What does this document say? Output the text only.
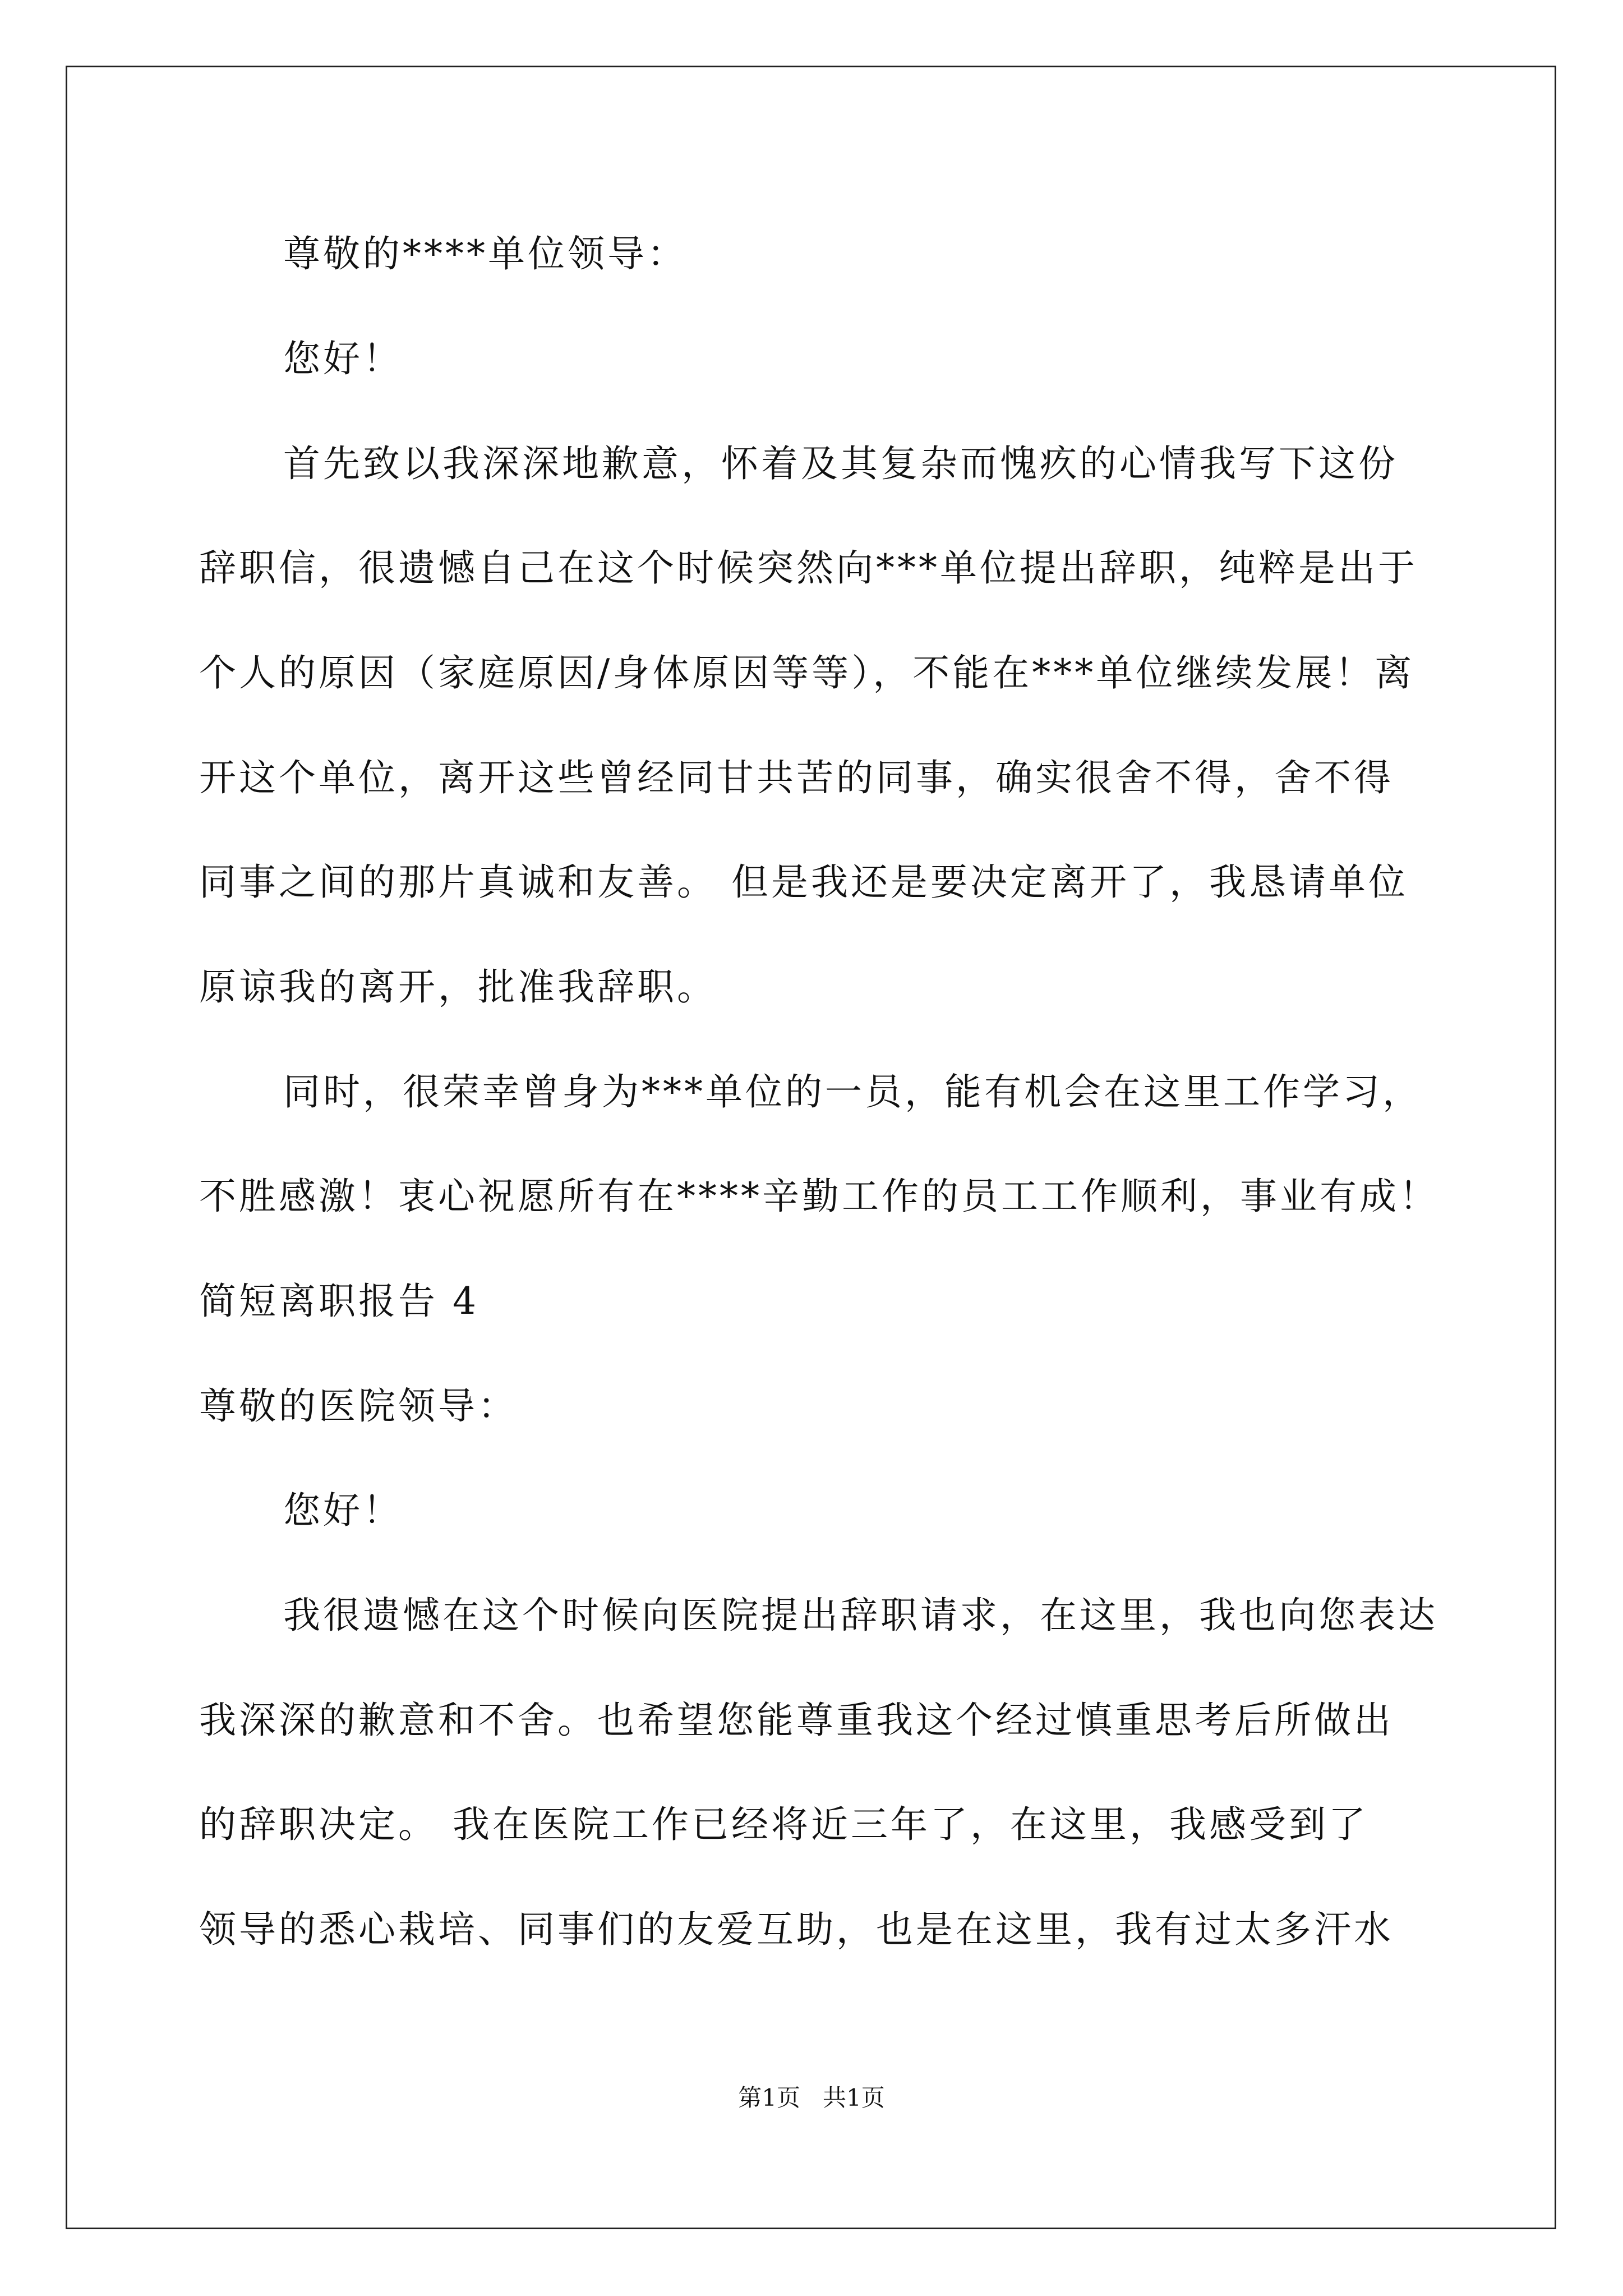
尊敬的****单位领导：
您好！
首先致以我深深地歉意，怀着及其复杂而愧疚的心情我写下这份
辞职信，很遗憾自己在这个时候突然向***单位提出辞职，纯粹是出于
个人的原因（家庭原因/身体原因等等），不能在***单位继续发展！离
开这个单位，离开这些曾经同甘共苦的同事，确实很舍不得，舍不得
同事之间的那片真诚和友善。 但是我还是要决定离开了，我恳请单位
原谅我的离开，批准我辞职。
同时，很荣幸曾身为***单位的一员，能有机会在这里工作学习，
不胜感激！衷心祝愿所有在****辛勤工作的员工工作顺利，事业有成！
简短离职报告 4
尊敬的医院领导：
您好！
我很遗憾在这个时候向医院提出辞职请求，在这里，我也向您表达
我深深的歉意和不舍。也希望您能尊重我这个经过慎重思考后所做出
的辞职决定。 我在医院工作已经将近三年了，在这里，我感受到了
领导的悉心栽培、同事们的友爱互助，也是在这里，我有过太多汗水
第1页   共1页
